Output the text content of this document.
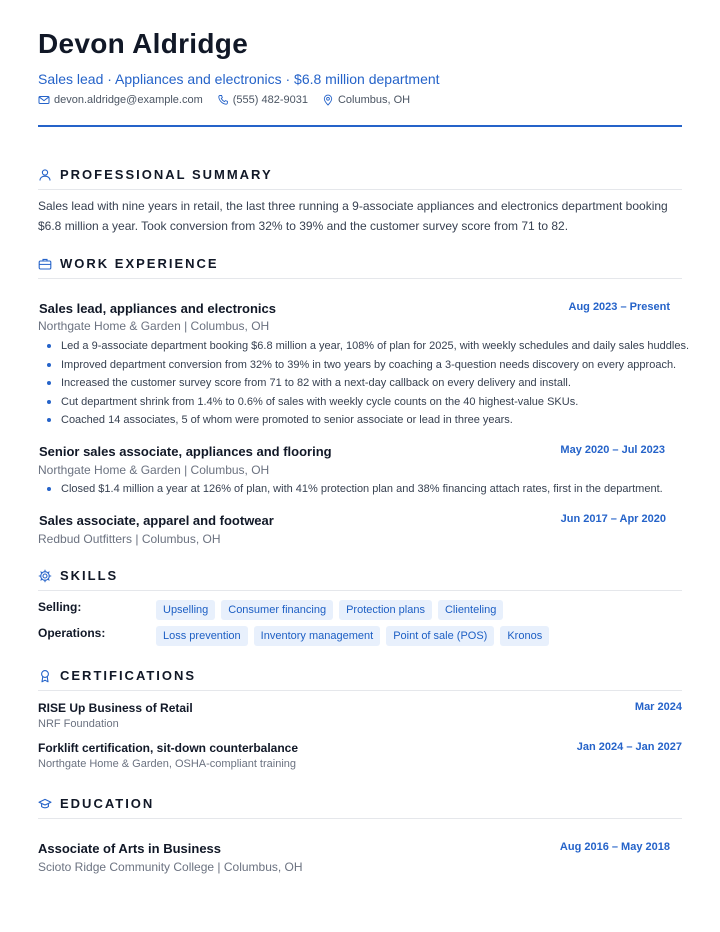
Devon Aldridge
Sales lead · Appliances and electronics · $6.8 million department
devon.aldridge@example.com	(555) 482-9031	Columbus, OH
PROFESSIONAL SUMMARY

Sales lead with nine years in retail, the last three running a 9-associate appliances and electronics department booking $6.8 million a year. Took conversion from 32% to 39% and the customer survey score from 71 to 82.

WORK EXPERIENCE
Sales lead, appliances and electronics	Aug 2023 – Present
Northgate Home & Garden | Columbus, OH
Led a 9-associate department booking $6.8 million a year, 108% of plan for 2025, with weekly schedules and daily sales huddles.
Improved department conversion from 32% to 39% in two years by coaching a 3-question needs discovery on every approach.
Increased the customer survey score from 71 to 82 with a next-day callback on every delivery and install.
Cut department shrink from 1.4% to 0.6% of sales with weekly cycle counts on the 40 highest-value SKUs.
Coached 14 associates, 5 of whom were promoted to senior associate or lead in three years.
Senior sales associate, appliances and flooring	May 2020 – Jul 2023
Northgate Home & Garden | Columbus, OH
Closed $1.4 million a year at 126% of plan, with 41% protection plan and 38% financing attach rates, first in the department.
Sales associate, apparel and footwear	Jun 2017 – Apr 2020
Redbud Outfitters | Columbus, OH
SKILLS
Selling:	Upselling	Consumer financing	Protection plans	Clienteling
Operations:	Loss prevention	Inventory management	Point of sale (POS)	Kronos
CERTIFICATIONS
RISE Up Business of Retail	Mar 2024
NRF Foundation
Forklift certification, sit-down counterbalance	Jan 2024 – Jan 2027
Northgate Home & Garden, OSHA-compliant training
EDUCATION
Associate of Arts in Business	Aug 2016 – May 2018
Scioto Ridge Community College | Columbus, OH
